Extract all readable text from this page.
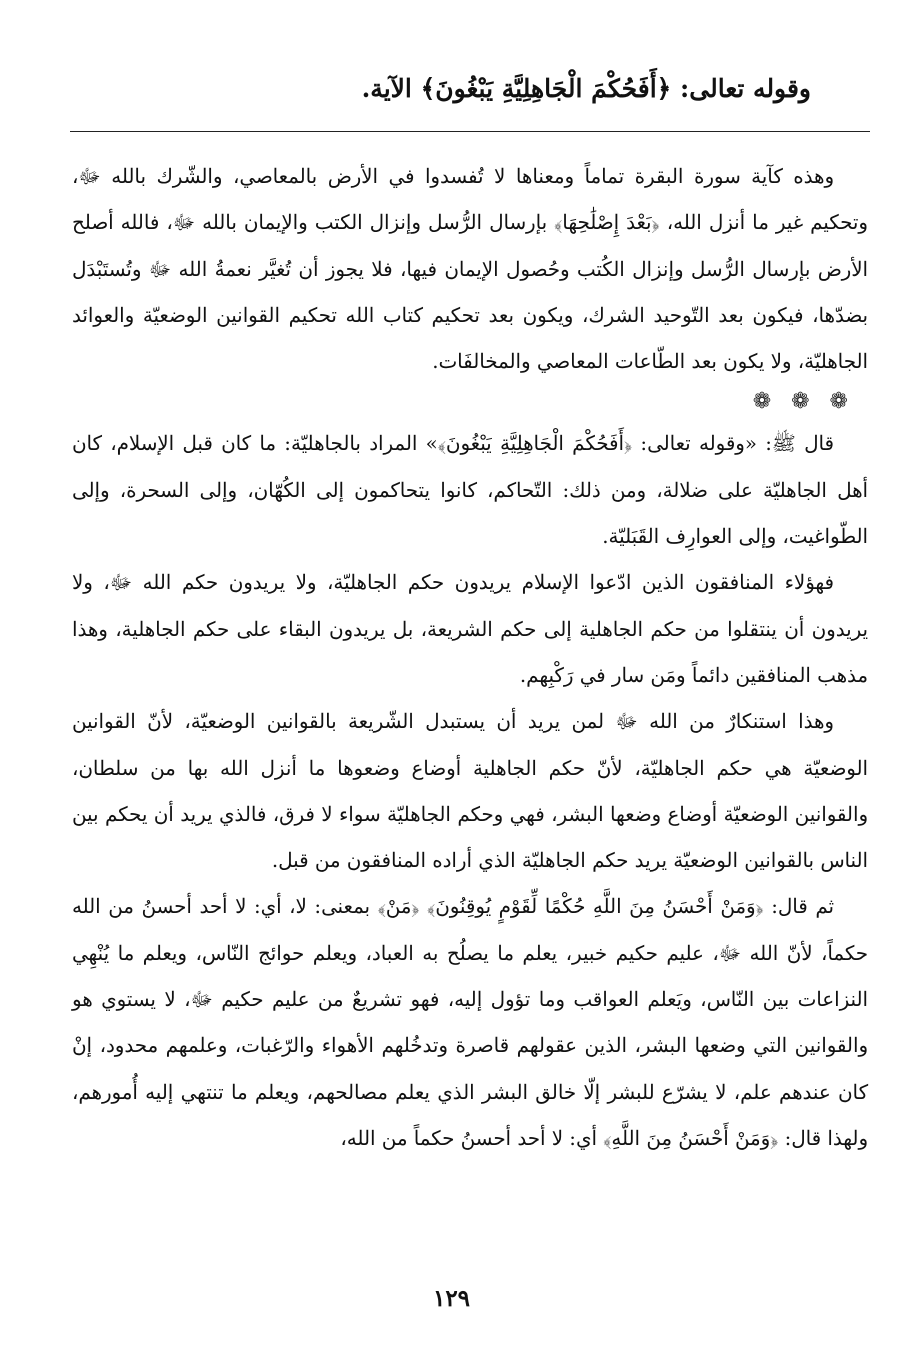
وقوله تعالى: ﴿أَفَحُكْمَ الْجَاهِلِيَّةِ يَبْغُونَ﴾ الآية.

وهذه كآية سورة البقرة تماماً ومعناها لا تُفسدوا في الأرض بالمعاصي، والشّرك بالله ﷻ، وتحكيم غير ما أنزل الله، ﴿بَعْدَ إِصْلَٰحِهَا﴾ بإرسال الرُّسل وإنزال الكتب والإيمان بالله ﷻ، فالله أصلح الأرض بإرسال الرُّسل وإنزال الكُتب وحُصول الإيمان فيها، فلا يجوز أن تُغيَّر نعمةُ الله ﷻ وتُستَبْدَل بضدّها، فيكون بعد التّوحيد الشرك، ويكون بعد تحكيم كتاب الله تحكيم القوانين الوضعيّة والعوائد الجاهليّة، ولا يكون بعد الطّاعات المعاصي والمخالفَات.

❁❁❁

قال ﷺ: «وقوله تعالى: ﴿أَفَحُكْمَ الْجَاهِلِيَّةِ يَبْغُونَ﴾» المراد بالجاهليّة: ما كان قبل الإسلام، كان أهل الجاهليّة على ضلالة، ومن ذلك: التّحاكم، كانوا يتحاكمون إلى الكُهّان، وإلى السحرة، وإلى الطّواغيت، وإلى العوارِف القَبَليّة.

فهؤلاء المنافقون الذين ادّعوا الإسلام يريدون حكم الجاهليّة، ولا يريدون حكم الله ﷻ، ولا يريدون أن ينتقلوا من حكم الجاهلية إلى حكم الشريعة، بل يريدون البقاء على حكم الجاهلية، وهذا مذهب المنافقين دائماً ومَن سار في رَكْبِهم.

وهذا استنكارٌ من الله ﷻ لمن يريد أن يستبدل الشّريعة بالقوانين الوضعيّة، لأنّ القوانين الوضعيّة هي حكم الجاهليّة، لأنّ حكم الجاهلية أوضاع وضعوها ما أنزل الله بها من سلطان، والقوانين الوضعيّة أوضاع وضعها البشر، فهي وحكم الجاهليّة سواء لا فرق، فالذي يريد أن يحكم بين الناس بالقوانين الوضعيّة يريد حكم الجاهليّة الذي أراده المنافقون من قبل.

ثم قال: ﴿وَمَنْ أَحْسَنُ مِنَ اللَّهِ حُكْمًا لِّقَوْمٍ يُوقِنُونَ﴾ ﴿مَنْ﴾ بمعنى: لا، أي: لا أحد أحسنُ من الله حكماً، لأنّ الله ﷻ، عليم حكيم خبير، يعلم ما يصلُح به العباد، ويعلم حوائج النّاس، ويعلم ما يُنْهِي النزاعات بين النّاس، ويَعلم العواقب وما تؤول إليه، فهو تشريعٌ من عليم حكيم ﷻ، لا يستوي هو والقوانين التي وضعها البشر، الذين عقولهم قاصرة وتدخُلهم الأهواء والرّغبات، وعلمهم محدود، إنْ كان عندهم علم، لا يشرّع للبشر إلّا خالق البشر الذي يعلم مصالحهم، ويعلم ما تنتهي إليه أُمورهم، ولهذا قال: ﴿وَمَنْ أَحْسَنُ مِنَ اللَّهِ﴾ أي: لا أحد أحسنُ حكماً من الله،

١٢٩
